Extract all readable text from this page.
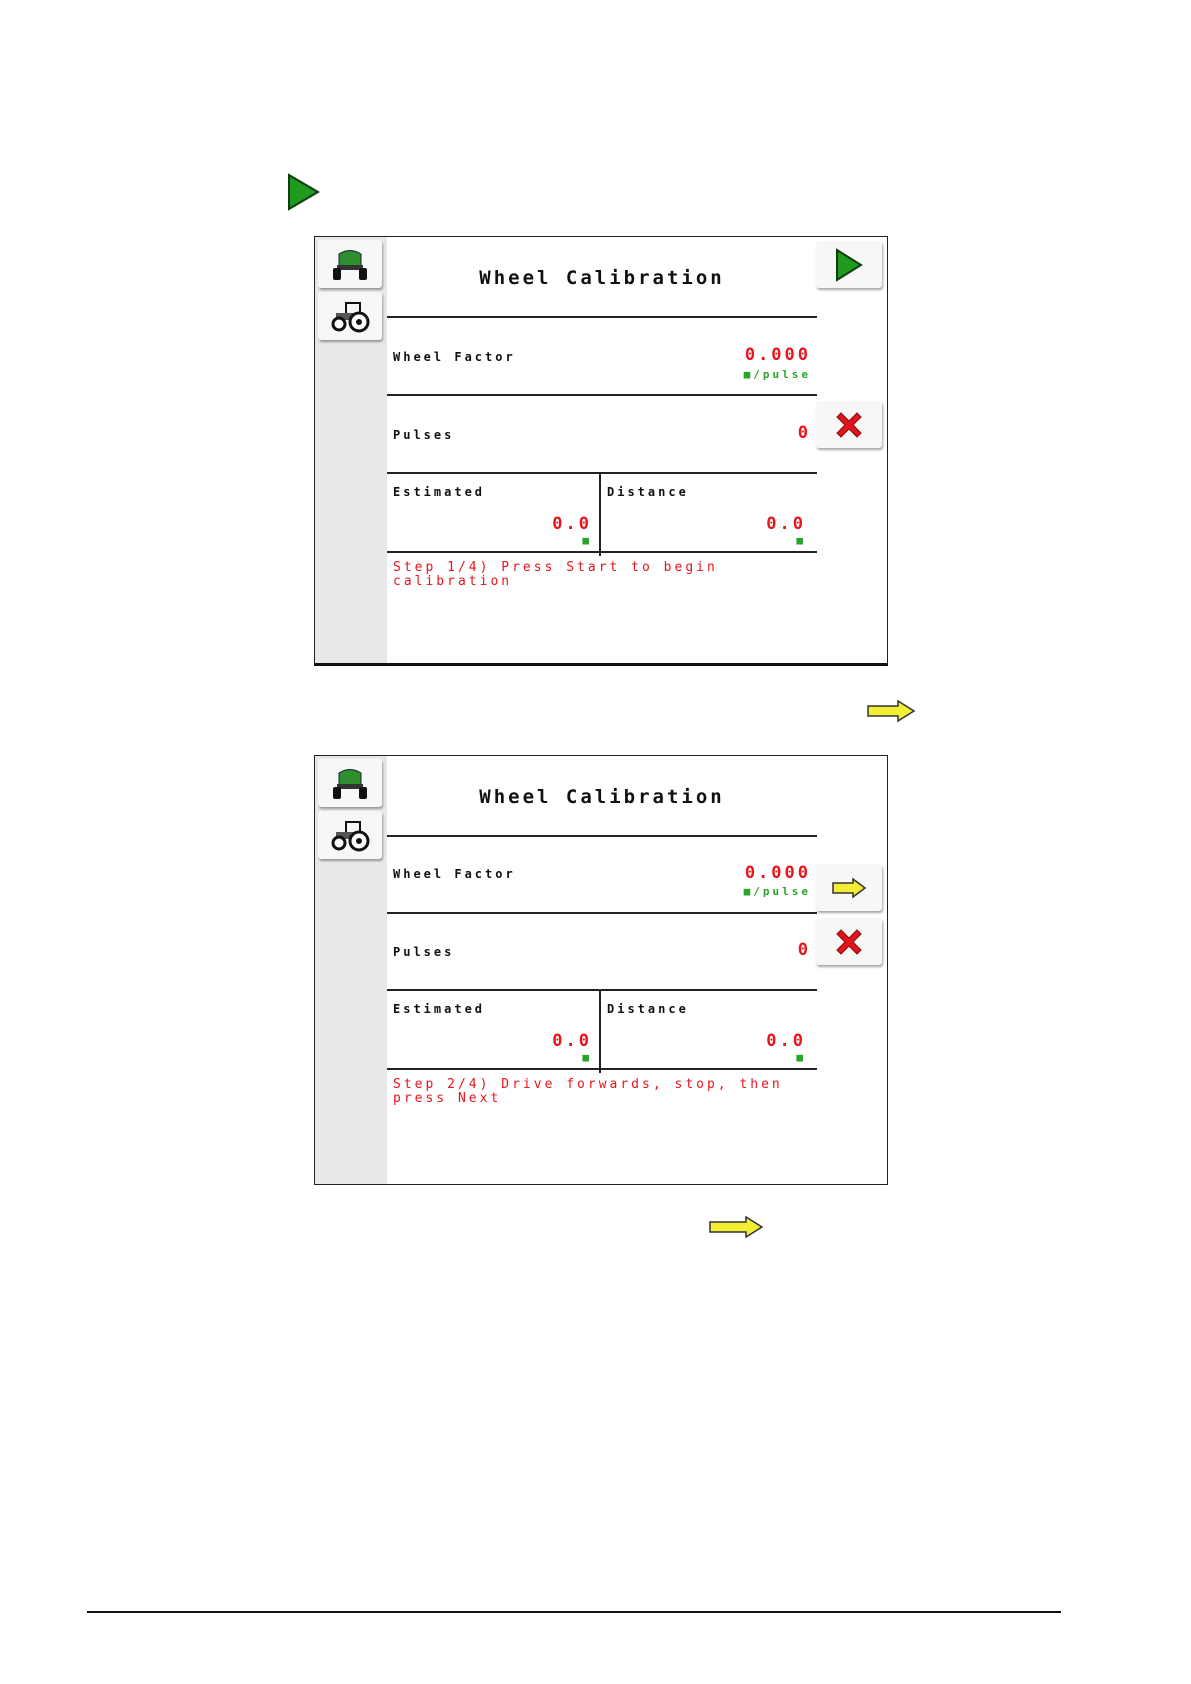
Wheel Calibration
Wheel Factor	0.000
■/pulse
Pulses	0
Estimated
0.0
■
Distance
0.0
■
Step 1/4) Press Start to begin
calibration
Wheel Calibration
Wheel Factor	0.000
■/pulse
Pulses	0
Estimated
0.0
■
Distance
0.0
■
Step 2/4) Drive forwards, stop, then
press Next
